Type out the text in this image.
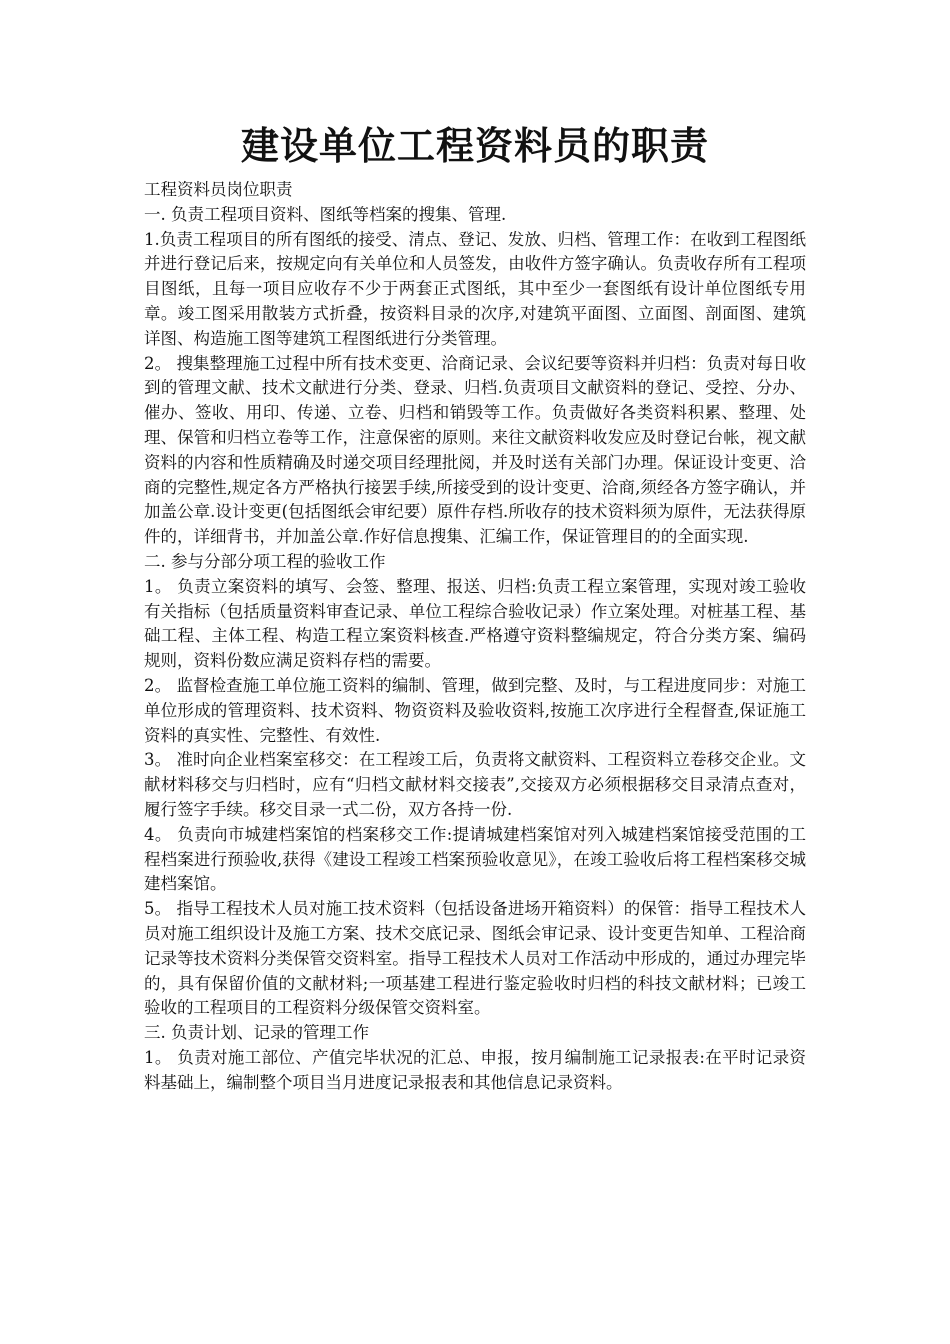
建设单位工程资料员的职责

工程资料员岗位职责

一. 负责工程项目资料、图纸等档案的搜集、管理.

1.负责工程项目的所有图纸的接受、清点、登记、发放、归档、管理工作：在收到工程图纸并进行登记后来，按规定向有关单位和人员签发，由收件方签字确认。负责收存所有工程项目图纸，且每一项目应收存不少于两套正式图纸，其中至少一套图纸有设计单位图纸专用章。竣工图采用散装方式折叠，按资料目录的次序,对建筑平面图、立面图、剖面图、建筑详图、构造施工图等建筑工程图纸进行分类管理。

2。 搜集整理施工过程中所有技术变更、洽商记录、会议纪要等资料并归档：负责对每日收到的管理文献、技术文献进行分类、登录、归档.负责项目文献资料的登记、受控、分办、催办、签收、用印、传递、立卷、归档和销毁等工作。负责做好各类资料积累、整理、处理、保管和归档立卷等工作，注意保密的原则。来往文献资料收发应及时登记台帐，视文献资料的内容和性质精确及时递交项目经理批阅，并及时送有关部门办理。保证设计变更、洽商的完整性,规定各方严格执行接罢手续,所接受到的设计变更、洽商,须经各方签字确认，并加盖公章.设计变更(包括图纸会审纪要）原件存档.所收存的技术资料须为原件，无法获得原件的，详细背书，并加盖公章.作好信息搜集、汇编工作，保证管理目的的全面实现.

二. 参与分部分项工程的验收工作

1。 负责立案资料的填写、会签、整理、报送、归档:负责工程立案管理，实现对竣工验收有关指标（包括质量资料审查记录、单位工程综合验收记录）作立案处理。对桩基工程、基础工程、主体工程、构造工程立案资料核查.严格遵守资料整编规定，符合分类方案、编码规则，资料份数应满足资料存档的需要。

2。 监督检查施工单位施工资料的编制、管理，做到完整、及时，与工程进度同步：对施工单位形成的管理资料、技术资料、物资资料及验收资料,按施工次序进行全程督查,保证施工资料的真实性、完整性、有效性.

3。 准时向企业档案室移交：在工程竣工后，负责将文献资料、工程资料立卷移交企业。文献材料移交与归档时，应有“归档文献材料交接表”,交接双方必须根据移交目录清点查对，履行签字手续。移交目录一式二份，双方各持一份.

4。 负责向市城建档案馆的档案移交工作:提请城建档案馆对列入城建档案馆接受范围的工程档案进行预验收,获得《建设工程竣工档案预验收意见》，在竣工验收后将工程档案移交城建档案馆。

5。 指导工程技术人员对施工技术资料（包括设备进场开箱资料）的保管：指导工程技术人员对施工组织设计及施工方案、技术交底记录、图纸会审记录、设计变更告知单、工程洽商记录等技术资料分类保管交资料室。指导工程技术人员对工作活动中形成的，通过办理完毕的，具有保留价值的文献材料;一项基建工程进行鉴定验收时归档的科技文献材料；已竣工验收的工程项目的工程资料分级保管交资料室。

三. 负责计划、记录的管理工作

1。 负责对施工部位、产值完毕状况的汇总、申报，按月编制施工记录报表:在平时记录资料基础上，编制整个项目当月进度记录报表和其他信息记录资料。
